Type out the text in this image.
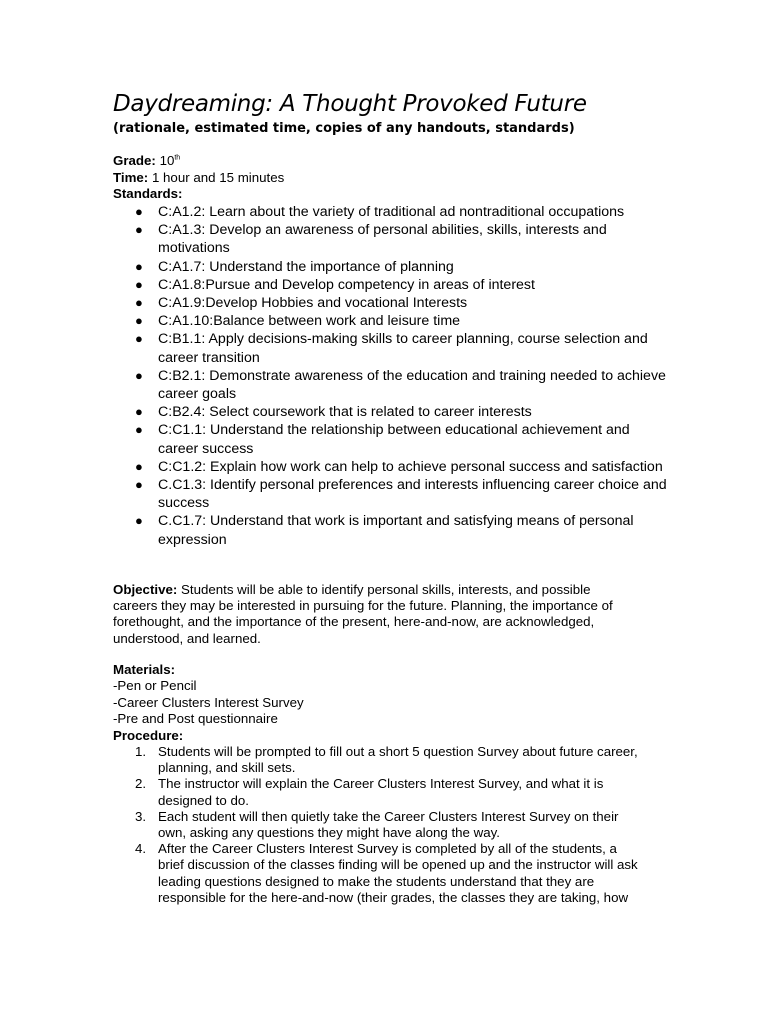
Daydreaming: A Thought Provoked Future
(rationale, estimated time, copies of any handouts, standards)
Grade: 10th
Time: 1 hour and 15 minutes
Standards:
● C:A1.2: Learn about the variety of traditional ad nontraditional occupations
● C:A1.3: Develop an awareness of personal abilities, skills, interests and motivations
● C:A1.7: Understand the importance of planning
● C:A1.8:Pursue and Develop competency in areas of interest
● C:A1.9:Develop Hobbies and vocational Interests
● C:A1.10:Balance between work and leisure time
● C:B1.1: Apply decisions-making skills to career planning, course selection and career transition
● C:B2.1: Demonstrate awareness of the education and training needed to achieve career goals
● C:B2.4: Select coursework that is related to career interests
● C:C1.1: Understand the relationship between educational achievement and career success
● C:C1.2: Explain how work can help to achieve personal success and satisfaction
● C.C1.3: Identify personal preferences and interests influencing career choice and success
● C.C1.7: Understand that work is important and satisfying means of personal expression
Objective: Students will be able to identify personal skills, interests, and possible careers they may be interested in pursuing for the future. Planning, the importance of forethought, and the importance of the present, here-and-now, are acknowledged, understood, and learned.
Materials:
-Pen or Pencil
-Career Clusters Interest Survey
-Pre and Post questionnaire
Procedure:
1. Students will be prompted to fill out a short 5 question Survey about future career, planning, and skill sets.
2. The instructor will explain the Career Clusters Interest Survey, and what it is designed to do.
3. Each student will then quietly take the Career Clusters Interest Survey on their own, asking any questions they might have along the way.
4. After the Career Clusters Interest Survey is completed by all of the students, a brief discussion of the classes finding will be opened up and the instructor will ask leading questions designed to make the students understand that they are responsible for the here-and-now (their grades, the classes they are taking, how
